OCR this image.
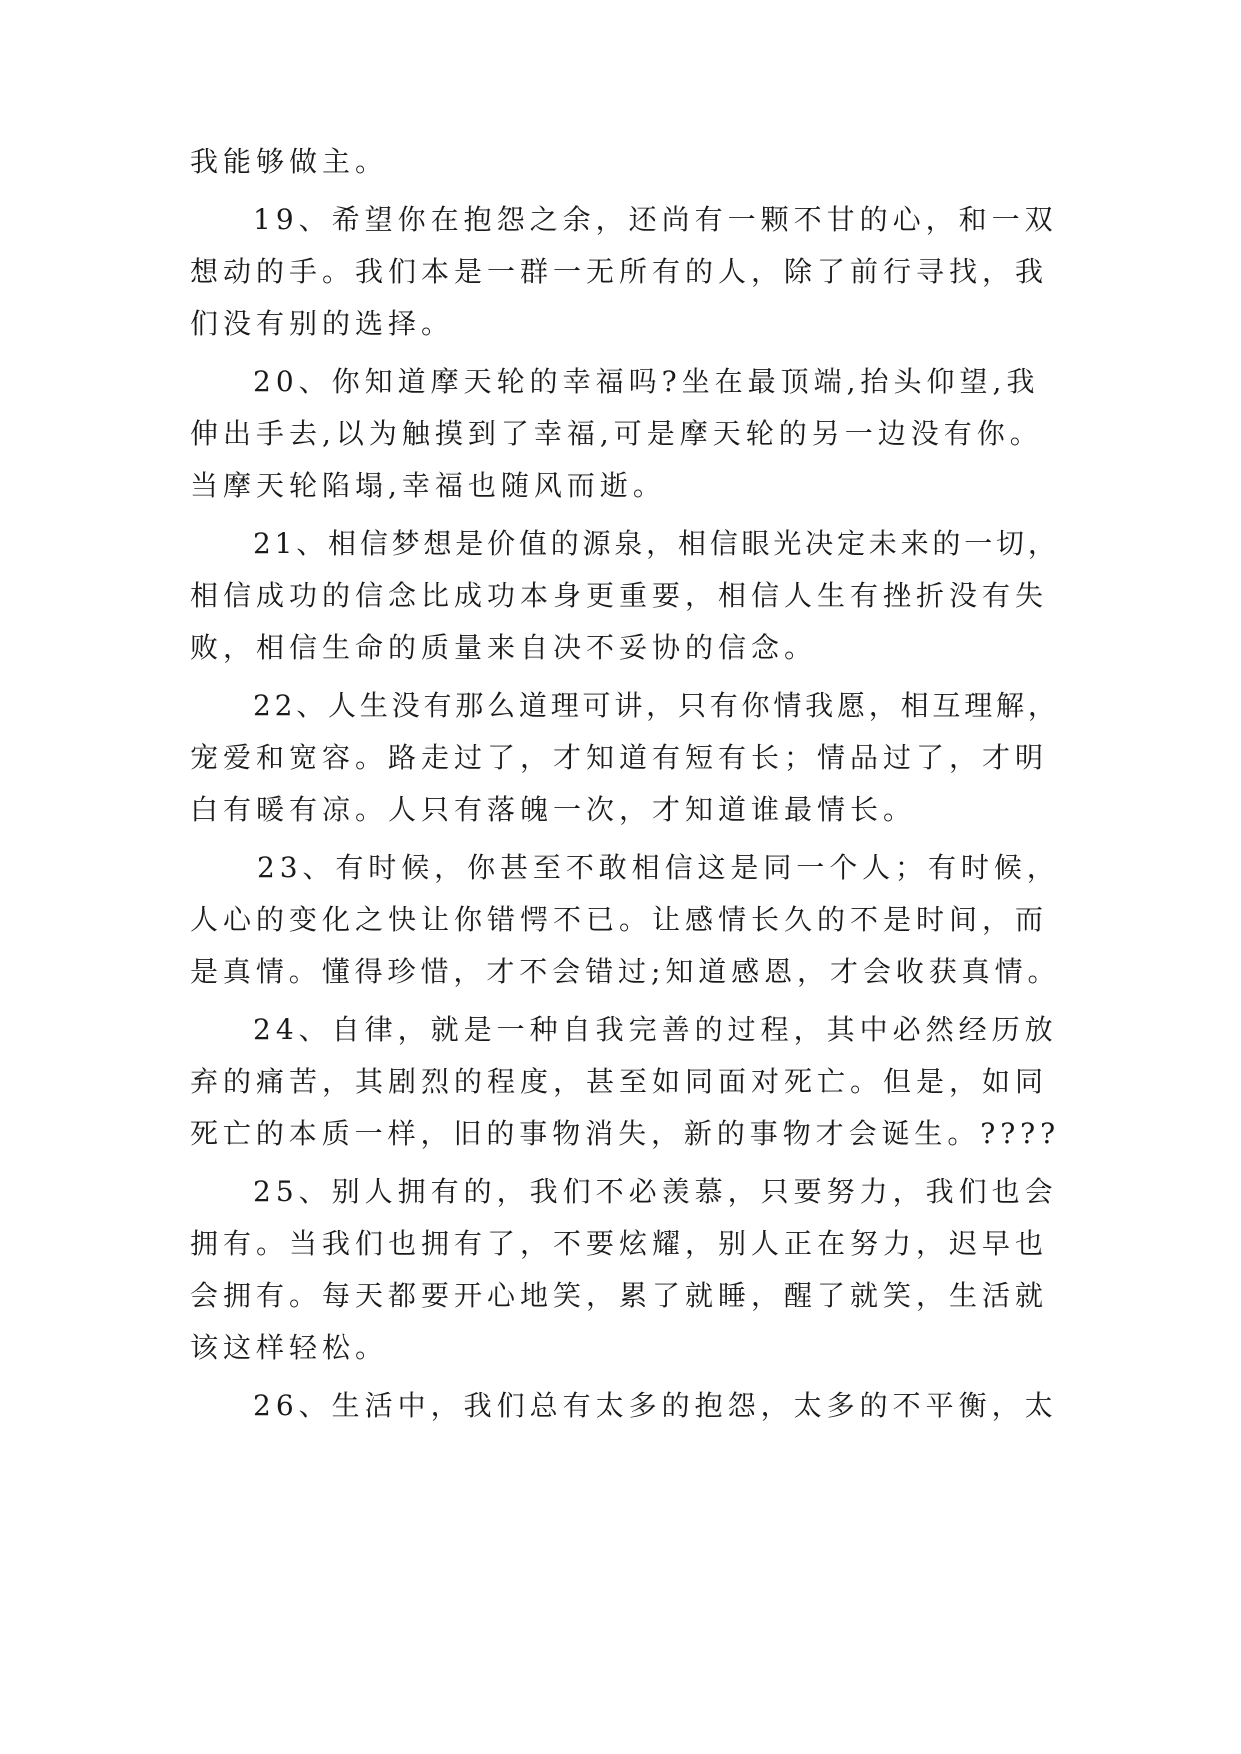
我能够做主。
19、希望你在抱怨之余，还尚有一颗不甘的心，和一双
想动的手。我们本是一群一无所有的人，除了前行寻找，我
们没有别的选择。
20、你知道摩天轮的幸福吗?坐在最顶端,抬头仰望,我
伸出手去,以为触摸到了幸福,可是摩天轮的另一边没有你。
当摩天轮陷塌,幸福也随风而逝。
21、相信梦想是价值的源泉，相信眼光决定未来的一切，
相信成功的信念比成功本身更重要，相信人生有挫折没有失
败，相信生命的质量来自决不妥协的信念。
22、人生没有那么道理可讲，只有你情我愿，相互理解，
宠爱和宽容。路走过了，才知道有短有长；情品过了，才明
白有暖有凉。人只有落魄一次，才知道谁最情长。
23、有时候，你甚至不敢相信这是同一个人；有时候，
人心的变化之快让你错愕不已。让感情长久的不是时间，而
是真情。懂得珍惜，才不会错过;知道感恩，才会收获真情。
24、自律，就是一种自我完善的过程，其中必然经历放
弃的痛苦，其剧烈的程度，甚至如同面对死亡。但是，如同
死亡的本质一样，旧的事物消失，新的事物才会诞生。????
25、别人拥有的，我们不必羡慕，只要努力，我们也会
拥有。当我们也拥有了，不要炫耀，别人正在努力，迟早也
会拥有。每天都要开心地笑，累了就睡，醒了就笑，生活就
该这样轻松。
26、生活中，我们总有太多的抱怨，太多的不平衡，太
